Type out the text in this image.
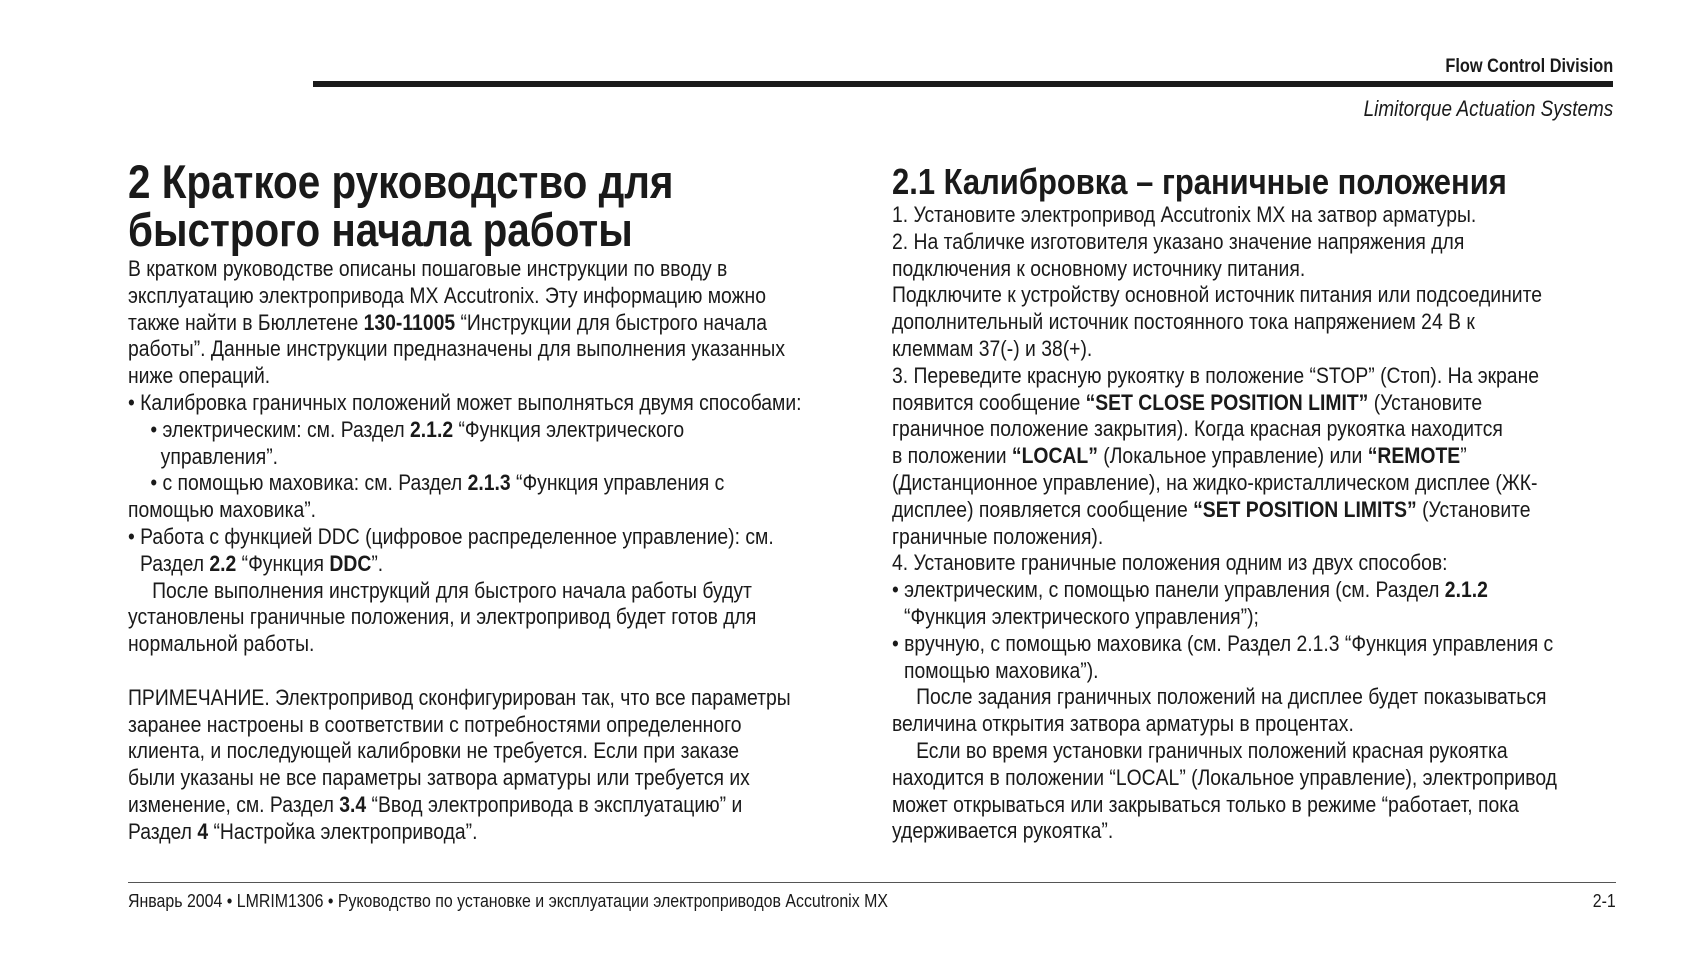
Flow Control Division
Limitorque Actuation Systems
2 Краткое руководство для
быстрого начала работы

В кратком руководстве описаны пошаговые инструкции по вводу в

эксплуатацию электропривода МХ Accutronix. Эту информацию можно

также найти в Бюллетене 130-11005 “Инструкции для быстрого начала

работы”. Данные инструкции предназначены для выполнения указанных

ниже операций.

• Калибровка граничных положений может выполняться двумя способами:

• электрическим: см. Раздел 2.1.2 “Функция электрического

управления”.

• с помощью маховика: см. Раздел 2.1.3 “Функция управления с

помощью маховика”.

• Работа с функцией DDC (цифровое распределенное управление): см.

Раздел 2.2 “Функция DDC”.

После выполнения инструкций для быстрого начала работы будут

установлены граничные положения, и электропривод будет готов для

нормальной работы.

ПРИМЕЧАНИЕ. Электропривод сконфигурирован так, что все параметры

заранее настроены в соответствии с потребностями определенного

клиента, и последующей калибровки не требуется. Если при заказе

были указаны не все параметры затвора арматуры или требуется их

изменение, см. Раздел 3.4 “Ввод электропривода в эксплуатацию” и

Раздел 4 “Настройка электропривода”.

2.1 Калибровка – граничные положения

1. Установите электропривод Accutronix MX на затвор арматуры.

2. На табличке изготовителя указано значение напряжения для

подключения к основному источнику питания.

Подключите к устройству основной источник питания или подсоедините

дополнительный источник постоянного тока напряжением 24 В к

клеммам 37(-) и 38(+).

3. Переведите красную рукоятку в положение “STOP” (Стоп). На экране

появится сообщение “SET CLOSE POSITION LIMIT” (Установите

граничное положение закрытия). Когда красная рукоятка находится

в положении “LOCAL” (Локальное управление) или “REMOTE”

(Дистанционное управление), на жидко-кристаллическом дисплее (ЖК-

дисплее) появляется сообщение “SET POSITION LIMITS” (Установите

граничные положения).

4. Установите граничные положения одним из двух способов:

• электрическим, с помощью панели управления (см. Раздел 2.1.2

“Функция электрического управления”);

• вручную, с помощью маховика (см. Раздел 2.1.3 “Функция управления с

помощью маховика”).

После задания граничных положений на дисплее будет показываться

величина открытия затвора арматуры в процентах.

Если во время установки граничных положений красная рукоятка

находится в положении “LOCAL” (Локальное управление), электропривод

может открываться или закрываться только в режиме “работает, пока

удерживается рукоятка”.

Январь 2004 • LMRIM1306 • Руководство по установке и эксплуатации электроприводов Accutronix MX	2-1
